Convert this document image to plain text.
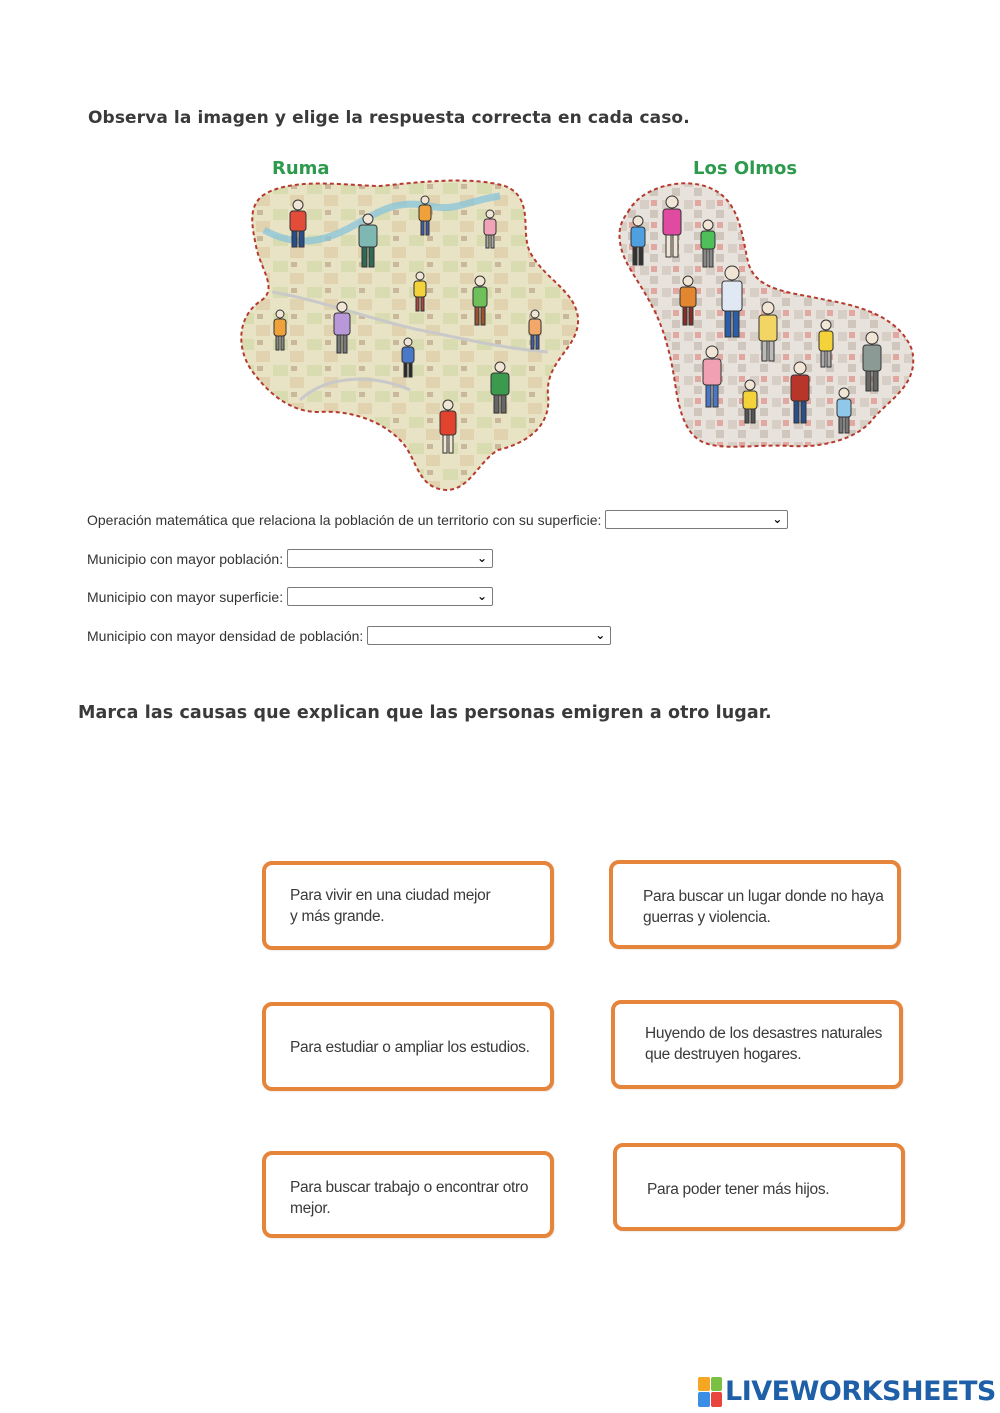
Observa la imagen y elige la respuesta correcta en cada caso.
Ruma	Los Olmos
Operación matemática que relaciona la población de un territorio con su superficie:	⌄
Municipio con mayor población:	⌄
Municipio con mayor superficie:	⌄
Municipio con mayor densidad de población:	⌄
Marca las causas que explican que las personas emigren a otro lugar.
Para vivir en una ciudad mejor
y más grande.
Para buscar un lugar donde no haya
guerras y violencia.
Para estudiar o ampliar los estudios.
Huyendo de los desastres naturales
que destruyen hogares.
Para buscar trabajo o encontrar otro
mejor.
Para poder tener más hijos.
LIVEWORKSHEETS
